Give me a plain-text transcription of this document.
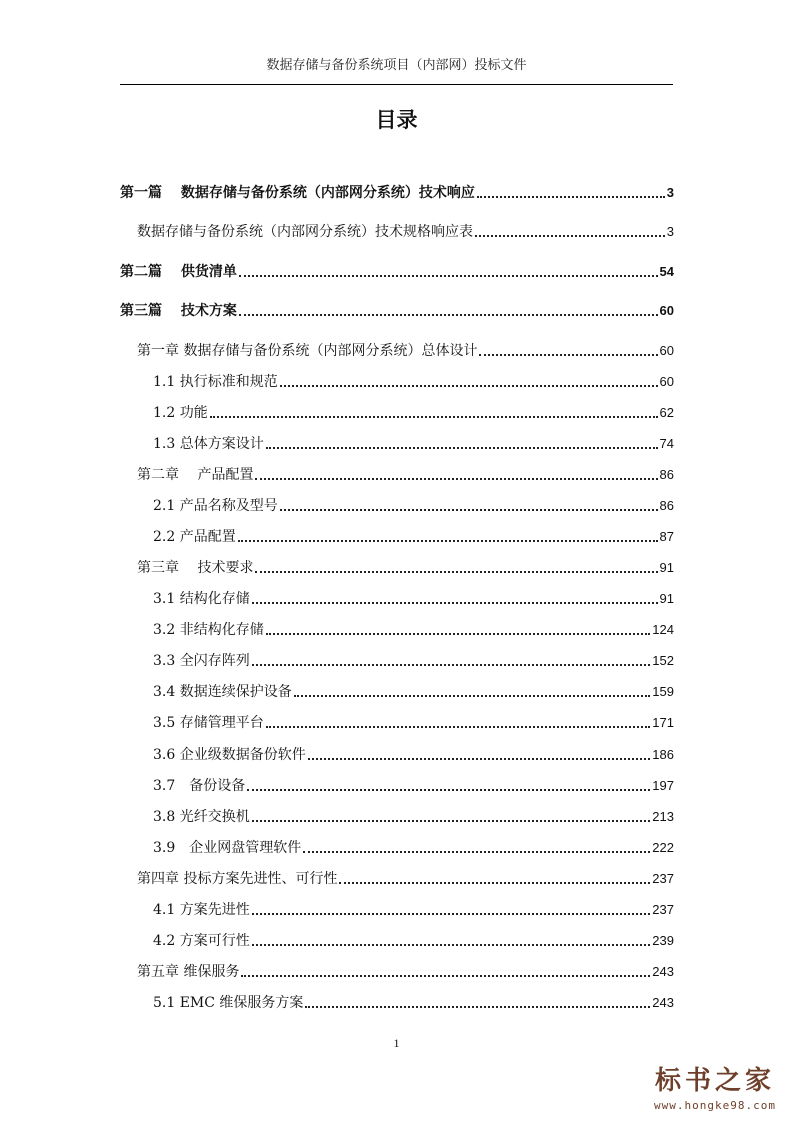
数据存储与备份系统项目（内部网）投标文件
目录
第一篇　 数据存储与备份系统（内部网分系统）技术响应	3
数据存储与备份系统（内部网分系统）技术规格响应表	3
第二篇　 供货清单	54
第三篇　 技术方案	60
第一章 数据存储与备份系统（内部网分系统）总体设计	60
1.1 执行标准和规范	60
1.2 功能	62
1.3 总体方案设计	74
第二章　 产品配置	86
2.1 产品名称及型号	86
2.2 产品配置	87
第三章　 技术要求	91
3.1 结构化存储	91
3.2 非结构化存储	124
3.3 全闪存阵列	152
3.4 数据连续保护设备	159
3.5 存储管理平台	171
3.6 企业级数据备份软件	186
3.7　备份设备	197
3.8 光纤交换机	213
3.9　企业网盘管理软件	222
第四章 投标方案先进性、可行性	237
4.1 方案先进性	237
4.2 方案可行性	239
第五章 维保服务	243
5.1 EMC 维保服务方案	243
1
标书之家
www.hongke98.com
